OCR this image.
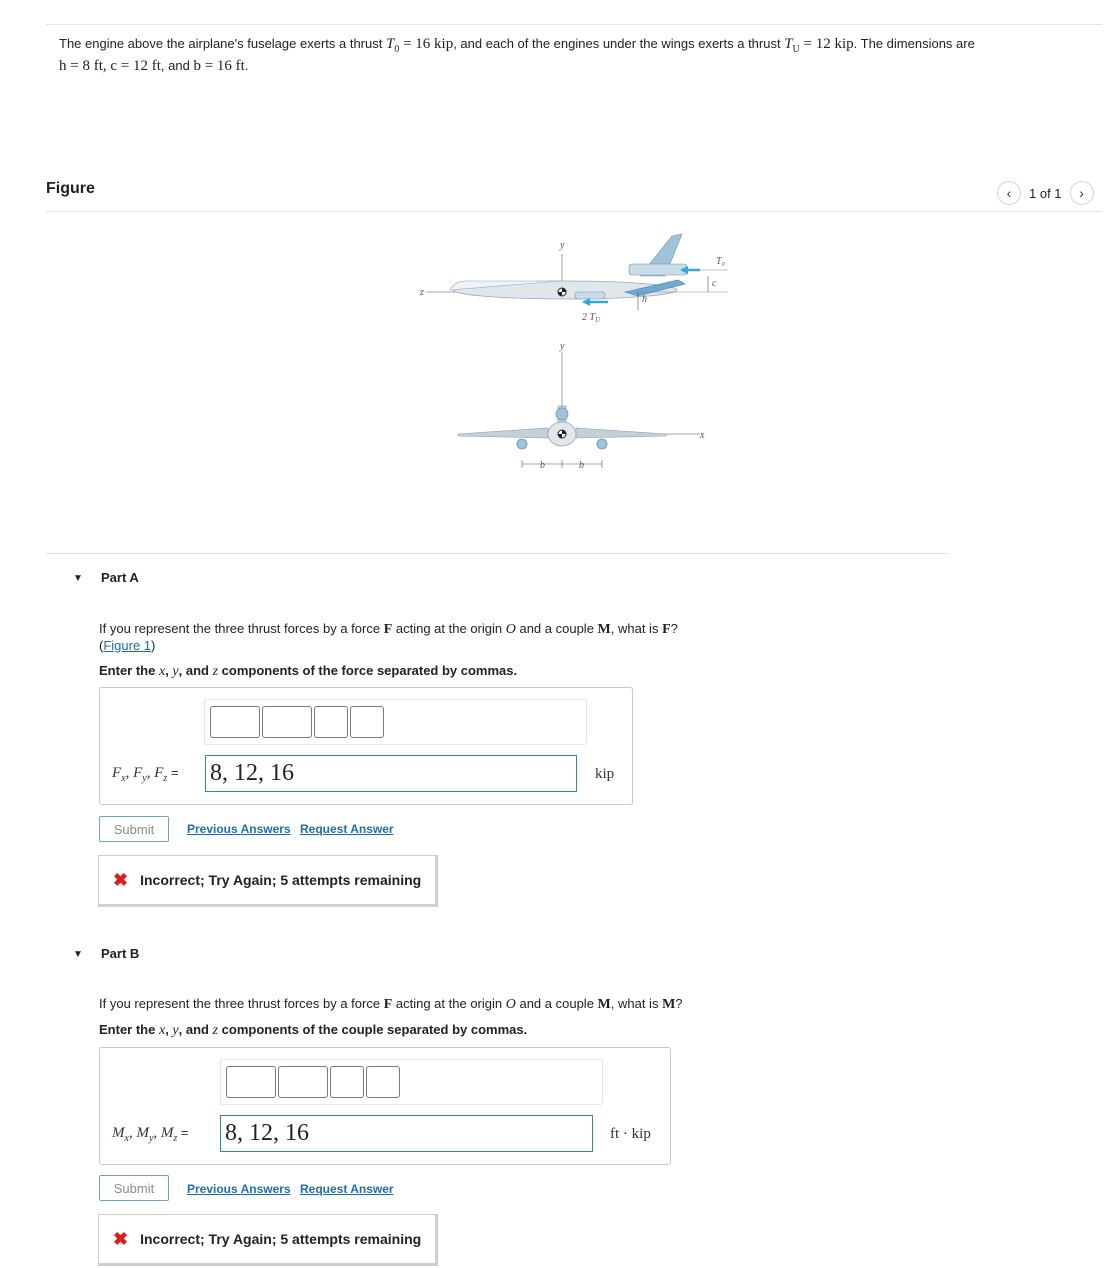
The engine above the airplane's fuselage exerts a thrust $T_0 = 16$ kip, and each of the engines under the wings exerts a thrust $T_U = 12$ kip. The dimensions are
h = 8 ft, c = 12 ft, and b = 16 ft.
Figure	‹ 1 of 1 ›
y
z
T₀
c
h
2 $T_U$
y
x
b	b
▼ Part A
If you represent the three thrust forces by a force F acting at the origin O and a couple M, what is F?
(Figure 1)
Enter the x, y, and z components of the force separated by commas.
$F_x$, $F_y$, $F_z = 8$, 12, 16	kip
Submit	Previous Answers Request Answer
✖ Incorrect; Try Again; 5 attempts remaining
▼ Part B
If you represent the three thrust forces by a force F acting at the origin O and a couple M, what is M?
Enter the x, y, and z components of the couple separated by commas.
$M_x$, $M_y$, $M_z = 8$, 12, 16	ft · kip
Submit	Previous Answers Request Answer
✖ Incorrect; Try Again; 5 attempts remaining
